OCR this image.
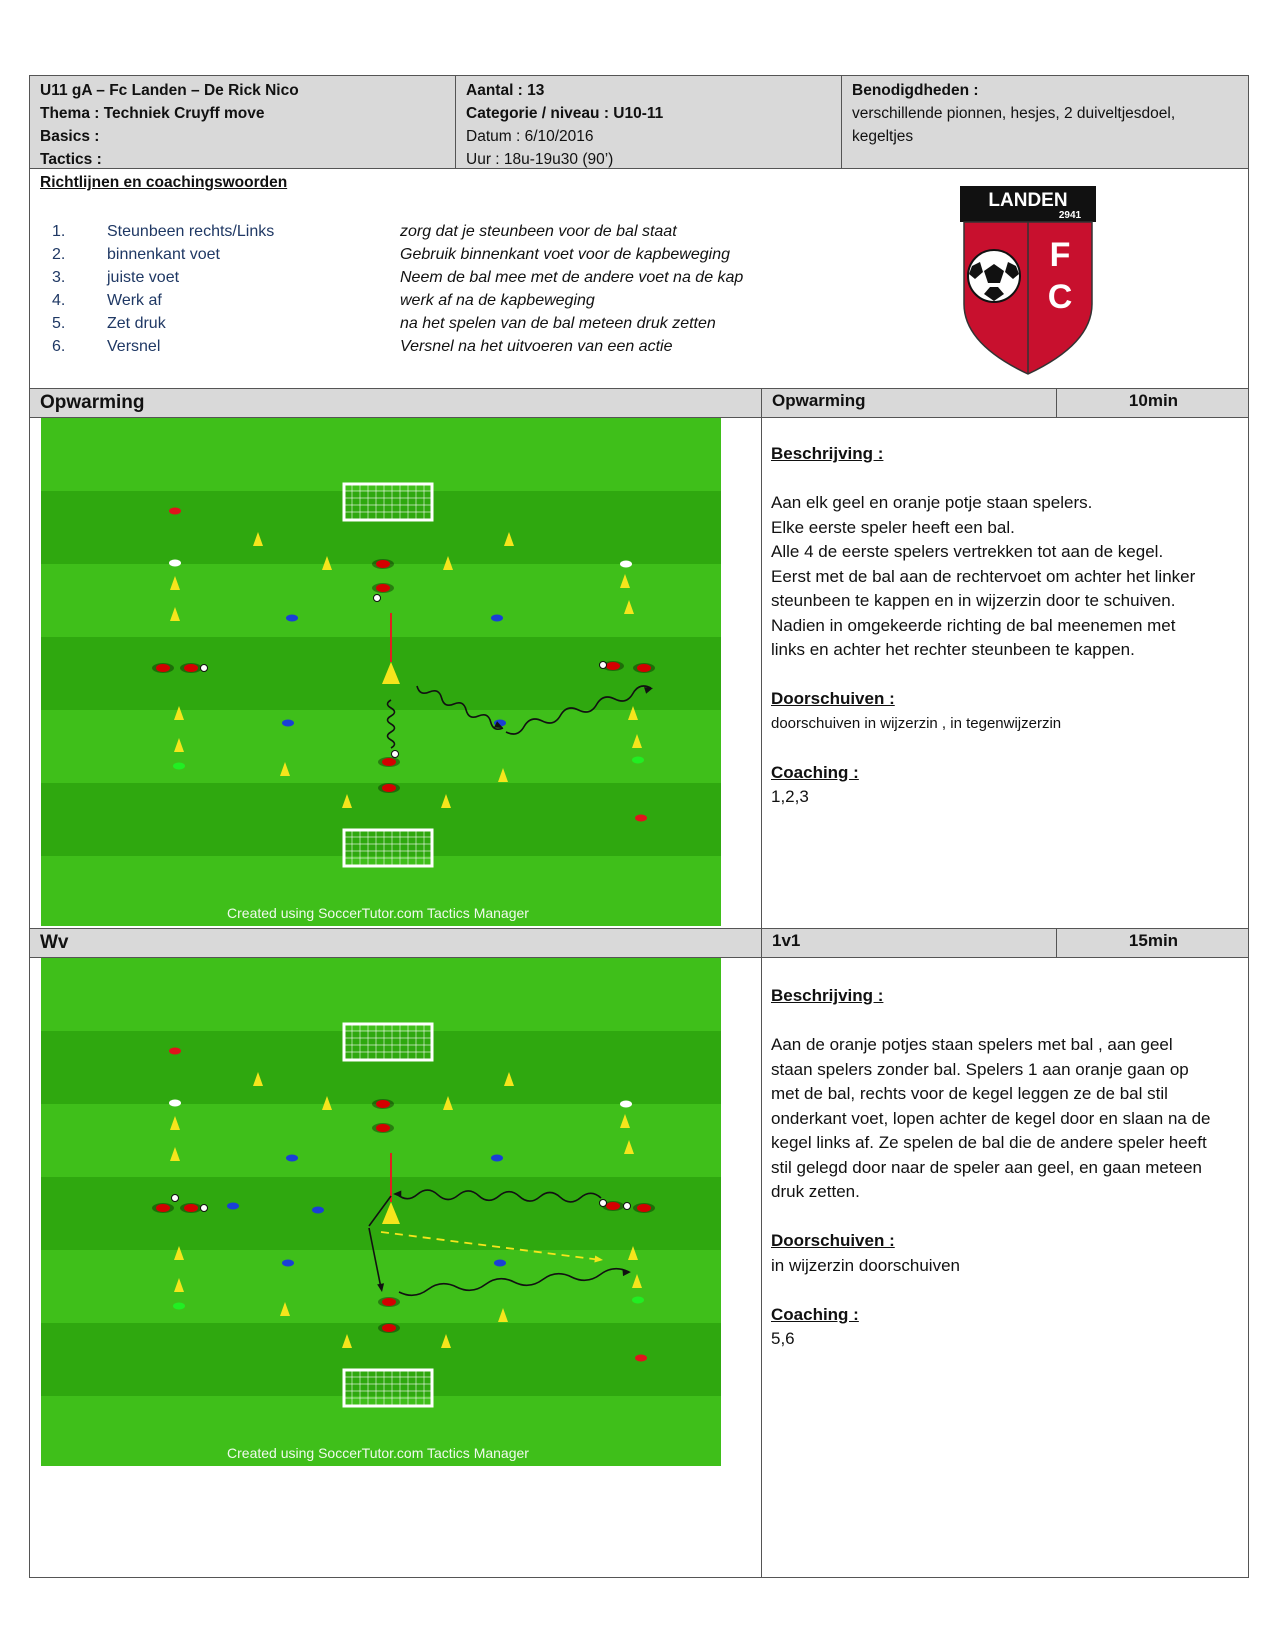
U11 gA – Fc Landen – De Rick Nico
Thema : Techniek Cruyff move
Basics :
Tactics :
Aantal : 13
Categorie / niveau : U10-11
Datum : 6/10/2016
Uur : 18u-19u30 (90’)
Benodigdheden :
verschillende pionnen, hesjes, 2 duiveltjesdoel, kegeltjes
Richtlijnen en coachingswoorden
1.	Steunbeen rechts/Links	zorg dat je steunbeen voor de bal staat
2.	binnenkant voet	Gebruik binnenkant voet voor de kapbeweging
3.	juiste voet	Neem de bal mee met de andere voet na de kap
4.	Werk af	werk af na de kapbeweging
5.	Zet druk	na het spelen van de bal meteen druk zetten
6.	Versnel	Versnel na het uitvoeren van een actie
LANDEN
2941
F
C
Opwarming	Opwarming	10min
Created using SoccerTutor.com Tactics Manager

Beschrijving :

Aan elk geel en oranje potje staan spelers.

Elke eerste speler heeft een bal.

Alle 4 de eerste spelers vertrekken tot aan de kegel.

Eerst met de bal aan de rechtervoet om achter het linker steunbeen te kappen en in wijzerzin door te schuiven.

Nadien in omgekeerde richting de bal meenemen met links en achter het rechter steunbeen te kappen.

Doorschuiven :

doorschuiven in wijzerzin , in tegenwijzerzin

Coaching :

1,2,3

Wv	1v1	15min
Created using SoccerTutor.com Tactics Manager

Beschrijving :

Aan de oranje potjes staan spelers met bal , aan geel staan spelers zonder bal. Spelers 1 aan oranje gaan op met de bal, rechts voor de kegel leggen ze de bal stil onderkant voet, lopen achter de kegel door en slaan na de kegel links af. Ze spelen de bal die de andere speler heeft stil gelegd door naar de speler aan geel, en gaan meteen druk zetten.

Doorschuiven :

in wijzerzin doorschuiven

Coaching :

5,6
